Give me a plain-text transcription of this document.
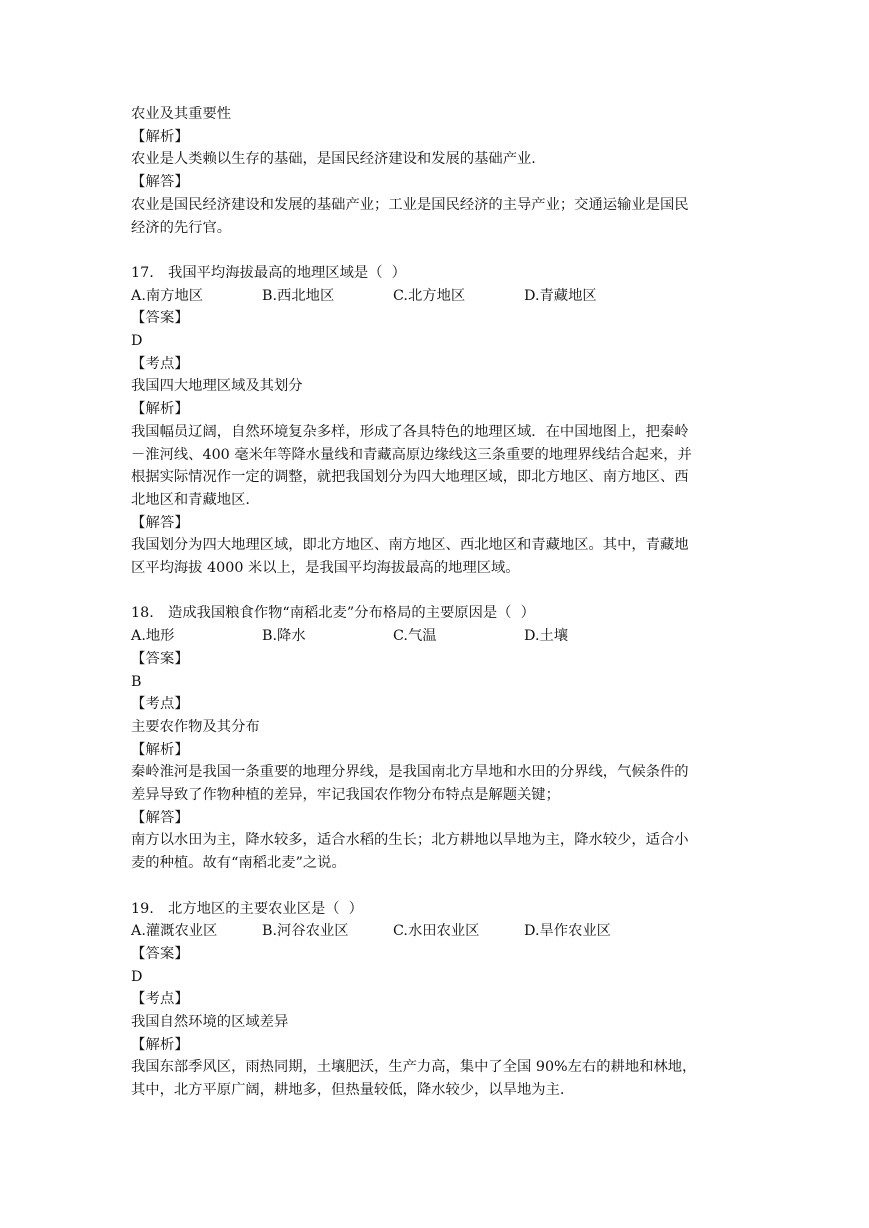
农业及其重要性
【解析】
农业是人类赖以生存的基础，是国民经济建设和发展的基础产业.
【解答】
农业是国民经济建设和发展的基础产业；工业是国民经济的主导产业；交通运输业是国民
经济的先行官。
17.　我国平均海拔最高的地理区域是（  ）
A.南方地区	B.西北地区	C.北方地区	D.青藏地区
【答案】
D
【考点】
我国四大地理区域及其划分
【解析】
我国幅员辽阔，自然环境复杂多样，形成了各具特色的地理区域．在中国地图上，把秦岭
－淮河线、400 毫米年等降水量线和青藏高原边缘线这三条重要的地理界线结合起来，并
根据实际情况作一定的调整，就把我国划分为四大地理区域，即北方地区、南方地区、西
北地区和青藏地区.
【解答】
我国划分为四大地理区域，即北方地区、南方地区、西北地区和青藏地区。其中，青藏地
区平均海拔 4000 米以上，是我国平均海拔最高的地理区域。
18.　造成我国粮食作物“南稻北麦”分布格局的主要原因是（  ）
A.地形	B.降水	C.气温	D.土壤
【答案】
B
【考点】
主要农作物及其分布
【解析】
秦岭淮河是我国一条重要的地理分界线，是我国南北方旱地和水田的分界线，气候条件的
差异导致了作物种植的差异，牢记我国农作物分布特点是解题关键；
【解答】
南方以水田为主，降水较多，适合水稻的生长；北方耕地以旱地为主，降水较少，适合小
麦的种植。故有“南稻北麦”之说。
19.　北方地区的主要农业区是（  ）
A.灌溉农业区	B.河谷农业区	C.水田农业区	D.旱作农业区
【答案】
D
【考点】
我国自然环境的区域差异
【解析】
我国东部季风区，雨热同期，土壤肥沃，生产力高，集中了全国 90%左右的耕地和林地，
其中，北方平原广阔，耕地多，但热量较低，降水较少，以旱地为主.
